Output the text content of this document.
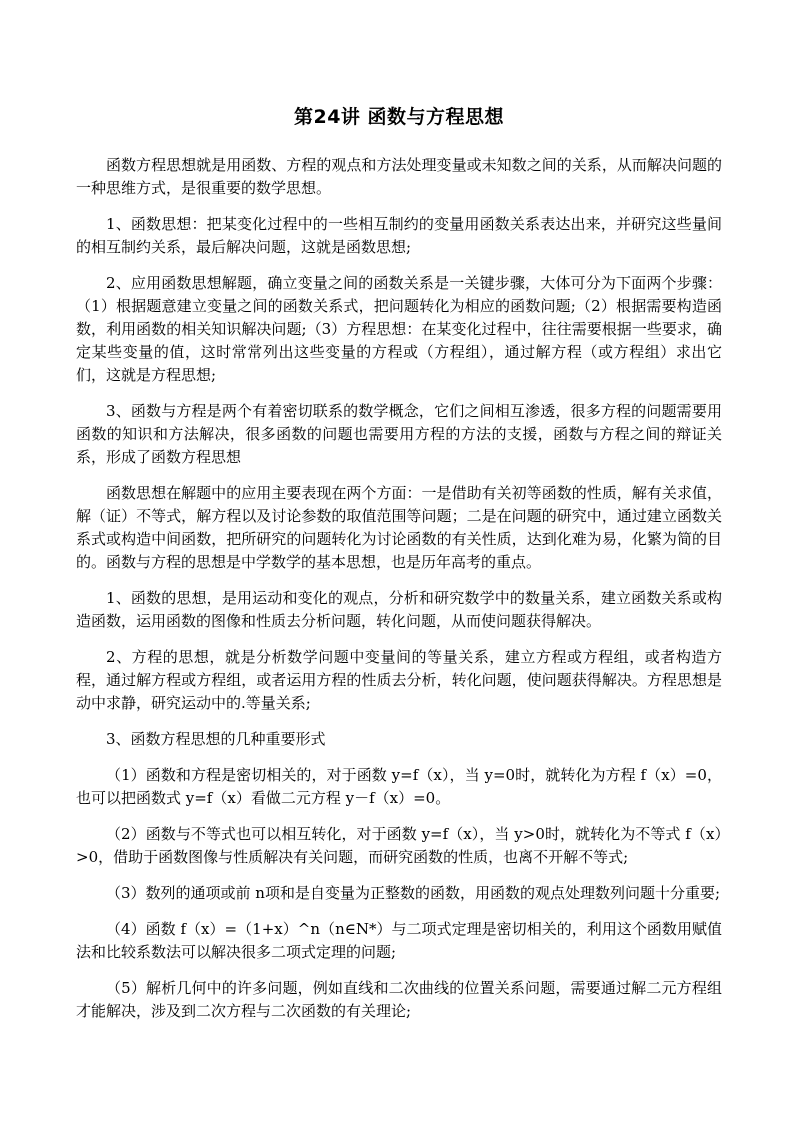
第24讲 函数与方程思想

函数方程思想就是用函数、方程的观点和方法处理变量或未知数之间的关系，从而解决问题的一种思维方式，是很重要的数学思想。

1、函数思想：把某变化过程中的一些相互制约的变量用函数关系表达出来，并研究这些量间的相互制约关系，最后解决问题，这就是函数思想;

2、应用函数思想解题，确立变量之间的函数关系是一关键步骤，大体可分为下面两个步骤：（1）根据题意建立变量之间的函数关系式，把问题转化为相应的函数问题;（2）根据需要构造函数，利用函数的相关知识解决问题;（3）方程思想：在某变化过程中，往往需要根据一些要求，确定某些变量的值，这时常常列出这些变量的方程或（方程组），通过解方程（或方程组）求出它们，这就是方程思想;

3、函数与方程是两个有着密切联系的数学概念，它们之间相互渗透，很多方程的问题需要用函数的知识和方法解决，很多函数的问题也需要用方程的方法的支援，函数与方程之间的辩证关系，形成了函数方程思想

函数思想在解题中的应用主要表现在两个方面：一是借助有关初等函数的性质，解有关求值，解（证）不等式，解方程以及讨论参数的取值范围等问题；二是在问题的研究中，通过建立函数关系式或构造中间函数，把所研究的问题转化为讨论函数的有关性质，达到化难为易，化繁为简的目的。函数与方程的思想是中学数学的基本思想，也是历年高考的重点。

1、函数的思想，是用运动和变化的观点，分析和研究数学中的数量关系，建立函数关系或构造函数，运用函数的图像和性质去分析问题，转化问题，从而使问题获得解决。

2、方程的思想，就是分析数学问题中变量间的等量关系，建立方程或方程组，或者构造方程，通过解方程或方程组，或者运用方程的性质去分析，转化问题，使问题获得解决。方程思想是动中求静，研究运动中的.等量关系;

3、函数方程思想的几种重要形式

（1）函数和方程是密切相关的，对于函数 y=f（x），当 y=0时，就转化为方程 f（x）=0，也可以把函数式 y=f（x）看做二元方程 y－f（x）=0。

（2）函数与不等式也可以相互转化，对于函数 y=f（x），当 y>0时，就转化为不等式 f（x）>0，借助于函数图像与性质解决有关问题，而研究函数的性质，也离不开解不等式;

（3）数列的通项或前 n项和是自变量为正整数的函数，用函数的观点处理数列问题十分重要;

（4）函数 f（x）=（1+x）^n（n∈N*）与二项式定理是密切相关的，利用这个函数用赋值法和比较系数法可以解决很多二项式定理的问题;

（5）解析几何中的许多问题，例如直线和二次曲线的位置关系问题，需要通过解二元方程组才能解决，涉及到二次方程与二次函数的有关理论;
